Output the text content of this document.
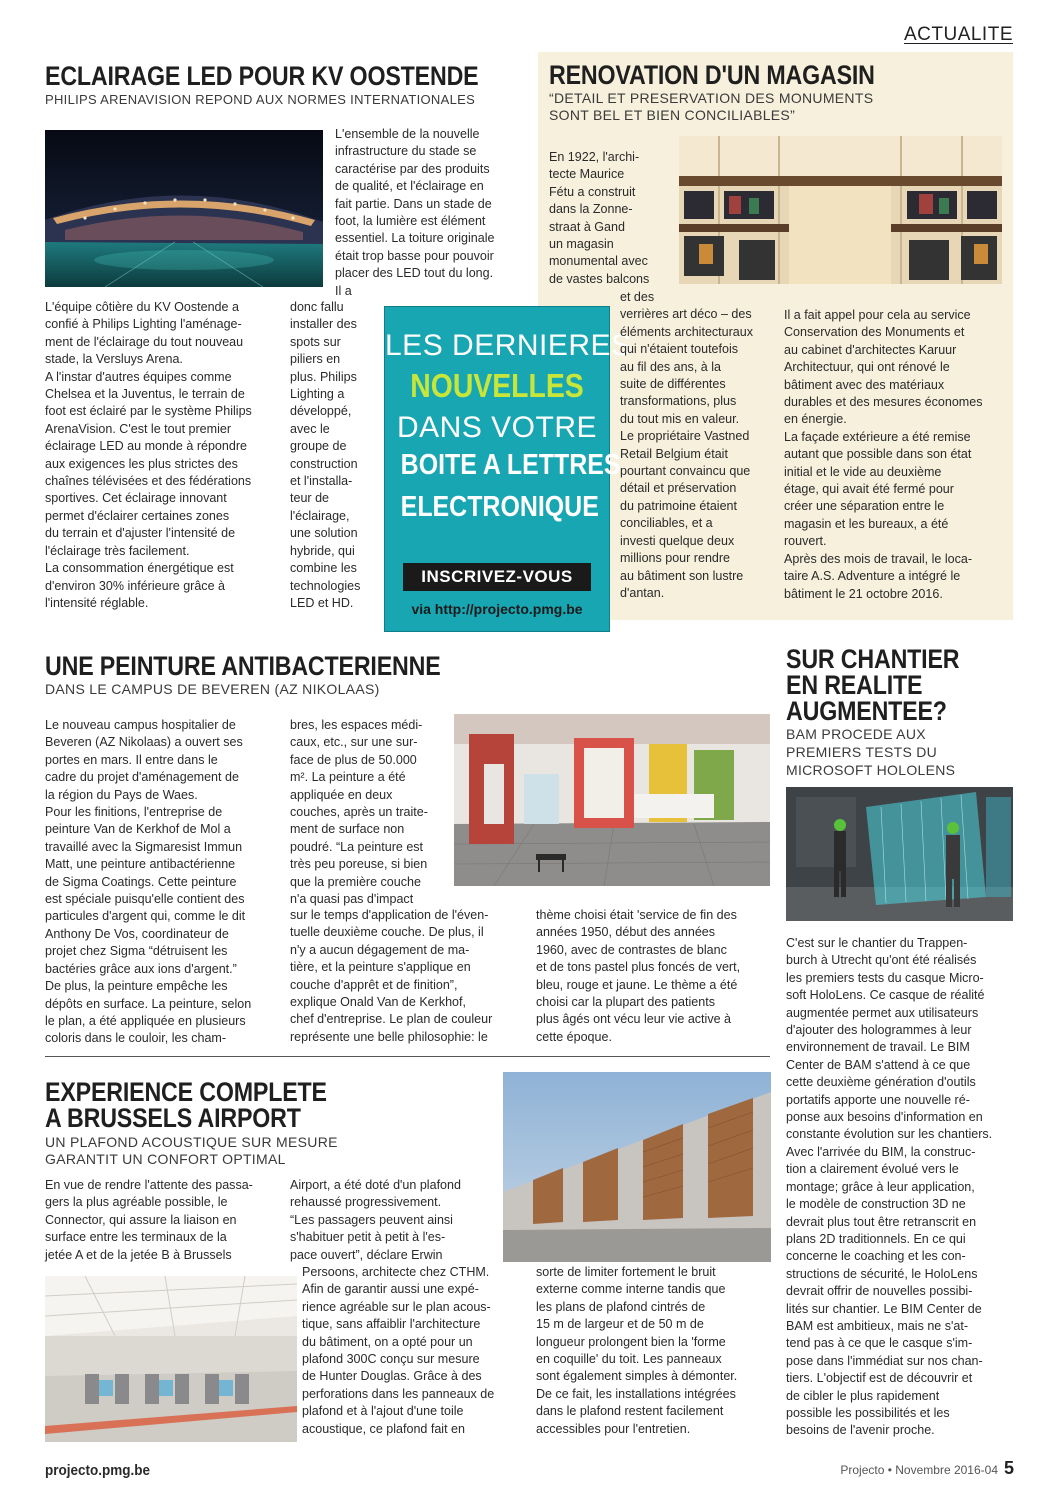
ACTUALITE
ECLAIRAGE LED POUR KV OOSTENDE
PHILIPS ARENAVISION REPOND AUX NORMES INTERNATIONALES

L'ensemble de la nouvelle
infrastructure du stade se
caractérise par des produits
de qualité, et l'éclairage en
fait partie. Dans un stade de
foot, la lumière est élément
essentiel. La toiture originale
était trop basse pour pouvoir
placer des LED tout du long.
Il a

L'équipe côtière du KV Oostende a
confié à Philips Lighting l'aménage-
ment de l'éclairage du tout nouveau
stade, la Versluys Arena.
A l'instar d'autres équipes comme
Chelsea et la Juventus, le terrain de
foot est éclairé par le système Philips
ArenaVision. C'est le tout premier
éclairage LED au monde à répondre
aux exigences les plus strictes des
chaînes télévisées et des fédérations
sportives. Cet éclairage innovant
permet d'éclairer certaines zones
du terrain et d'ajuster l'intensité de
l'éclairage très facilement.
La consommation énergétique est
d'environ 30% inférieure grâce à
l'intensité réglable.

donc fallu
installer des
spots sur
piliers en
plus. Philips
Lighting a
développé,
avec le
groupe de
construction
et l'installa-
teur de
l'éclairage,
une solution
hybride, qui
combine les
technologies
LED et HD.

LES DERNIERES
NOUVELLES
DANS VOTRE
BOITE A LETTRES
ELECTRONIQUE
INSCRIVEZ-VOUS
via http://projecto.pmg.be
RENOVATION D'UN MAGASIN
“DETAIL ET PRESERVATION DES MONUMENTS
SONT BEL ET BIEN CONCILIABLES”

En 1922, l'archi-
tecte Maurice
Fétu a construit
dans la Zonne-
straat à Gand
un magasin
monumental avec
de vastes balcons

et des
verrières art déco – des
éléments architecturaux
qui n'étaient toutefois
au fil des ans, à la
suite de différentes
transformations, plus
du tout mis en valeur.
Le propriétaire Vastned
Retail Belgium était
pourtant convaincu que
détail et préservation
du patrimoine étaient
conciliables, et a
investi quelque deux
millions pour rendre
au bâtiment son lustre
d'antan.

Il a fait appel pour cela au service
Conservation des Monuments et
au cabinet d'architectes Karuur
Architectuur, qui ont rénové le
bâtiment avec des matériaux
durables et des mesures économes
en énergie.
La façade extérieure a été remise
autant que possible dans son état
initial et le vide au deuxième
étage, qui avait été fermé pour
créer une séparation entre le
magasin et les bureaux, a été
rouvert.
Après des mois de travail, le loca-
taire A.S. Adventure a intégré le
bâtiment le 21 octobre 2016.

UNE PEINTURE ANTIBACTERIENNE
DANS LE CAMPUS DE BEVEREN (AZ NIKOLAAS)

Le nouveau campus hospitalier de
Beveren (AZ Nikolaas) a ouvert ses
portes en mars. Il entre dans le
cadre du projet d'aménagement de
la région du Pays de Waes.
Pour les finitions, l'entreprise de
peinture Van de Kerkhof de Mol a
travaillé avec la Sigmaresist Immun
Matt, une peinture antibactérienne
de Sigma Coatings. Cette peinture
est spéciale puisqu'elle contient des
particules d'argent qui, comme le dit
Anthony De Vos, coordinateur de
projet chez Sigma “détruisent les
bactéries grâce aux ions d'argent.”
De plus, la peinture empêche les
dépôts en surface. La peinture, selon
le plan, a été appliquée en plusieurs
coloris dans le couloir, les cham-

bres, les espaces médi-
caux, etc., sur une sur-
face de plus de 50.000
m². La peinture a été
appliquée en deux
couches, après un traite-
ment de surface non
poudré. “La peinture est
très peu poreuse, si bien
que la première couche
n'a quasi pas d'impact

sur le temps d'application de l'éven-
tuelle deuxième couche. De plus, il
n'y a aucun dégagement de ma-
tière, et la peinture s'applique en
couche d'apprêt et de finition”,
explique Onald Van de Kerkhof,
chef d'entreprise. Le plan de couleur
représente une belle philosophie: le

thème choisi était 'service de fin des
années 1950, début des années
1960, avec de contrastes de blanc
et de tons pastel plus foncés de vert,
bleu, rouge et jaune. Le thème a été
choisi car la plupart des patients
plus âgés ont vécu leur vie active à
cette époque.

SUR CHANTIER
EN REALITE
AUGMENTEE?
BAM PROCEDE AUX
PREMIERS TESTS DU
MICROSOFT HOLOLENS

C'est sur le chantier du Trappen-
burch à Utrecht qu'ont été réalisés
les premiers tests du casque Micro-
soft HoloLens. Ce casque de réalité
augmentée permet aux utilisateurs
d'ajouter des hologrammes à leur
environnement de travail. Le BIM
Center de BAM s'attend à ce que
cette deuxième génération d'outils
portatifs apporte une nouvelle ré-
ponse aux besoins d'information en
constante évolution sur les chantiers.
Avec l'arrivée du BIM, la construc-
tion a clairement évolué vers le
montage; grâce à leur application,
le modèle de construction 3D ne
devrait plus tout être retranscrit en
plans 2D traditionnels. En ce qui
concerne le coaching et les con-
structions de sécurité, le HoloLens
devrait offrir de nouvelles possibi-
lités sur chantier. Le BIM Center de
BAM est ambitieux, mais ne s'at-
tend pas à ce que le casque s'im-
pose dans l'immédiat sur nos chan-
tiers. L'objectif est de découvrir et
de cibler le plus rapidement
possible les possibilités et les
besoins de l'avenir proche.

EXPERIENCE COMPLETE
A BRUSSELS AIRPORT
UN PLAFOND ACOUSTIQUE SUR MESURE
GARANTIT UN CONFORT OPTIMAL

En vue de rendre l'attente des passa-
gers la plus agréable possible, le
Connector, qui assure la liaison en
surface entre les terminaux de la
jetée A et de la jetée B à Brussels

Airport, a été doté d'un plafond
rehaussé progressivement.
“Les passagers peuvent ainsi
s'habituer petit à petit à l'es-
pace ouvert”, déclare Erwin

Persoons, architecte chez CTHM.
Afin de garantir aussi une expé-
rience agréable sur le plan acous-
tique, sans affaiblir l'architecture
du bâtiment, on a opté pour un
plafond 300C conçu sur mesure
de Hunter Douglas. Grâce à des
perforations dans les panneaux de
plafond et à l'ajout d'une toile
acoustique, ce plafond fait en

sorte de limiter fortement le bruit
externe comme interne tandis que
les plans de plafond cintrés de
15 m de largeur et de 50 m de
longueur prolongent bien la 'forme
en coquille' du toit. Les panneaux
sont également simples à démonter.
De ce fait, les installations intégrées
dans le plafond restent facilement
accessibles pour l'entretien.

projecto.pmg.be	Projecto • Novembre 2016-04 5
